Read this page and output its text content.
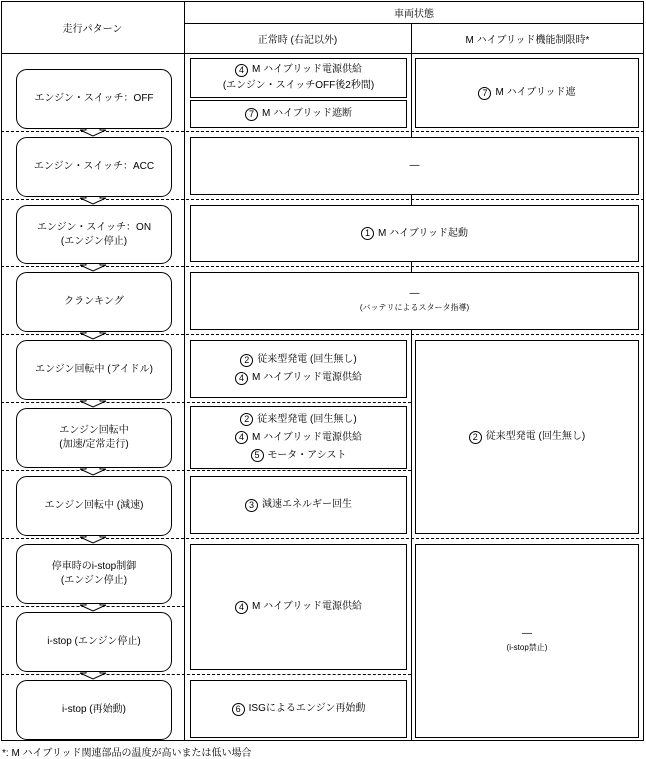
走行パターン
車両状態
正常時 (右記以外)	M ハイブリッド機能制限時*
エンジン・スイッチ：OFF
エンジン・スイッチ：ACC
エンジン・スイッチ：ON
(エンジン停止)
クランキング
エンジン回転中 (アイドル)
エンジン回転中
(加速/定常走行)
エンジン回転中 (減速)
停車時のi-stop制御
(エンジン停止)
i-stop (エンジン停止)
i-stop (再始動)
4 M ハイブリッド電源供給
(エンジン・スイッチOFF後2秒間)
7 M ハイブリッド遮断
7 M ハイブリッド遮
—
1 M ハイブリッド起動
—
(バッテリによるスタータ指導)
2 従来型発電 (回生無し)
4 M ハイブリッド電源供給
2 従来型発電 (回生無し)
4 M ハイブリッド電源供給
5 モータ・アシスト
2 従来型発電 (回生無し)
3 減速エネルギー回生
4 M ハイブリッド電源供給
—
(i-stop禁止)
6 ISGによるエンジン再始動
*: M ハイブリッド関連部品の温度が高いまたは低い場合
